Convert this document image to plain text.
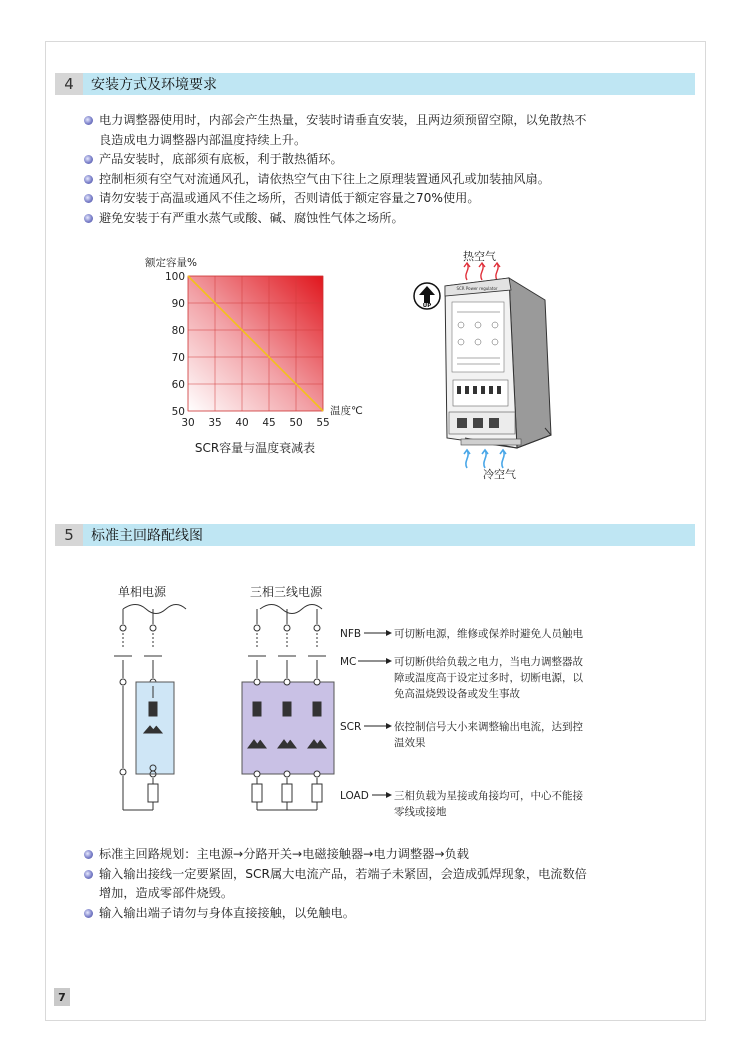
4	安装方式及环境要求
电力调整器使用时，内部会产生热量，安装时请垂直安装，且两边须预留空隙，以免散热不
良造成电力调整器内部温度持续上升。
产品安装时，底部须有底板，利于散热循环。
控制柜须有空气对流通风孔，请依热空气由下往上之原理装置通风孔或加装抽风扇。
请勿安装于高温或通风不佳之场所，否则请低于额定容量之70%使用。
避免安装于有严重水蒸气或酸、碱、腐蚀性气体之场所。
额定容量%
100
90
80
70
60
50
30 35 40 45 50 55
温度℃
SCR容量与温度衰减表
热空气
UP
SCR Power regulator
冷空气
5	标准主回路配线图
单相电源	三相三线电源
NFB	可切断电源，维修或保养时避免人员触电
MC	可切断供给负载之电力，当电力调整器故
障或温度高于设定过多时，切断电源，以
免高温烧毁设备或发生事故
SCR	依控制信号大小来调整输出电流，达到控
温效果
LOAD 三相负载为星接或角接均可，中心不能接
零线或接地
标准主回路规划：主电源→分路开关→电磁接触器→电力调整器→负载
输入输出接线一定要紧固，SCR属大电流产品，若端子未紧固，会造成弧焊现象，电流数倍
增加，造成零部件烧毁。
输入输出端子请勿与身体直接接触，以免触电。
7
